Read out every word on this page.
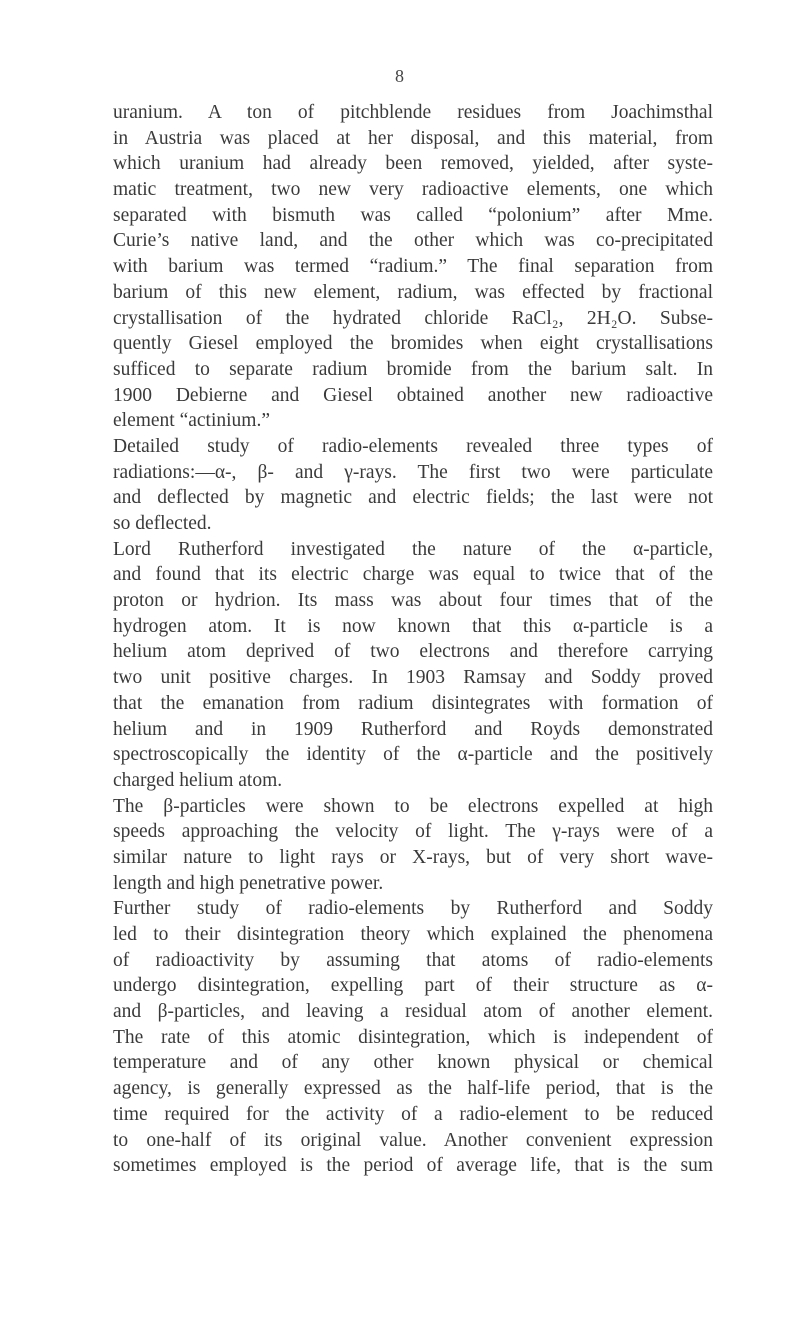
8
uranium. A ton of pitchblende residues from Joachimsthal
in Austria was placed at her disposal, and this material, from
which uranium had already been removed, yielded, after syste-
matic treatment, two new very radioactive elements, one which
separated with bismuth was called “polonium” after Mme.
Curie’s native land, and the other which was co-precipitated
with barium was termed “radium.” The final separation from
barium of this new element, radium, was effected by fractional
crystallisation of the hydrated chloride RaCl₂, 2H₂O. Subse-
quently Giesel employed the bromides when eight crystallisations
sufficed to separate radium bromide from the barium salt. In
1900 Debierne and Giesel obtained another new radioactive
element “actinium.”
Detailed study of radio-elements revealed three types of
radiations:—α-, β- and γ-rays. The first two were particulate
and deflected by magnetic and electric fields; the last were not
so deflected.
Lord Rutherford investigated the nature of the α-particle,
and found that its electric charge was equal to twice that of the
proton or hydrion. Its mass was about four times that of the
hydrogen atom. It is now known that this α-particle is a
helium atom deprived of two electrons and therefore carrying
two unit positive charges. In 1903 Ramsay and Soddy proved
that the emanation from radium disintegrates with formation of
helium and in 1909 Rutherford and Royds demonstrated
spectroscopically the identity of the α-particle and the positively
charged helium atom.
The β-particles were shown to be electrons expelled at high
speeds approaching the velocity of light. The γ-rays were of a
similar nature to light rays or X-rays, but of very short wave-
length and high penetrative power.
Further study of radio-elements by Rutherford and Soddy
led to their disintegration theory which explained the phenomena
of radioactivity by assuming that atoms of radio-elements
undergo disintegration, expelling part of their structure as α-
and β-particles, and leaving a residual atom of another element.
The rate of this atomic disintegration, which is independent of
temperature and of any other known physical or chemical
agency, is generally expressed as the half-life period, that is the
time required for the activity of a radio-element to be reduced
to one-half of its original value. Another convenient expression
sometimes employed is the period of average life, that is the sum
